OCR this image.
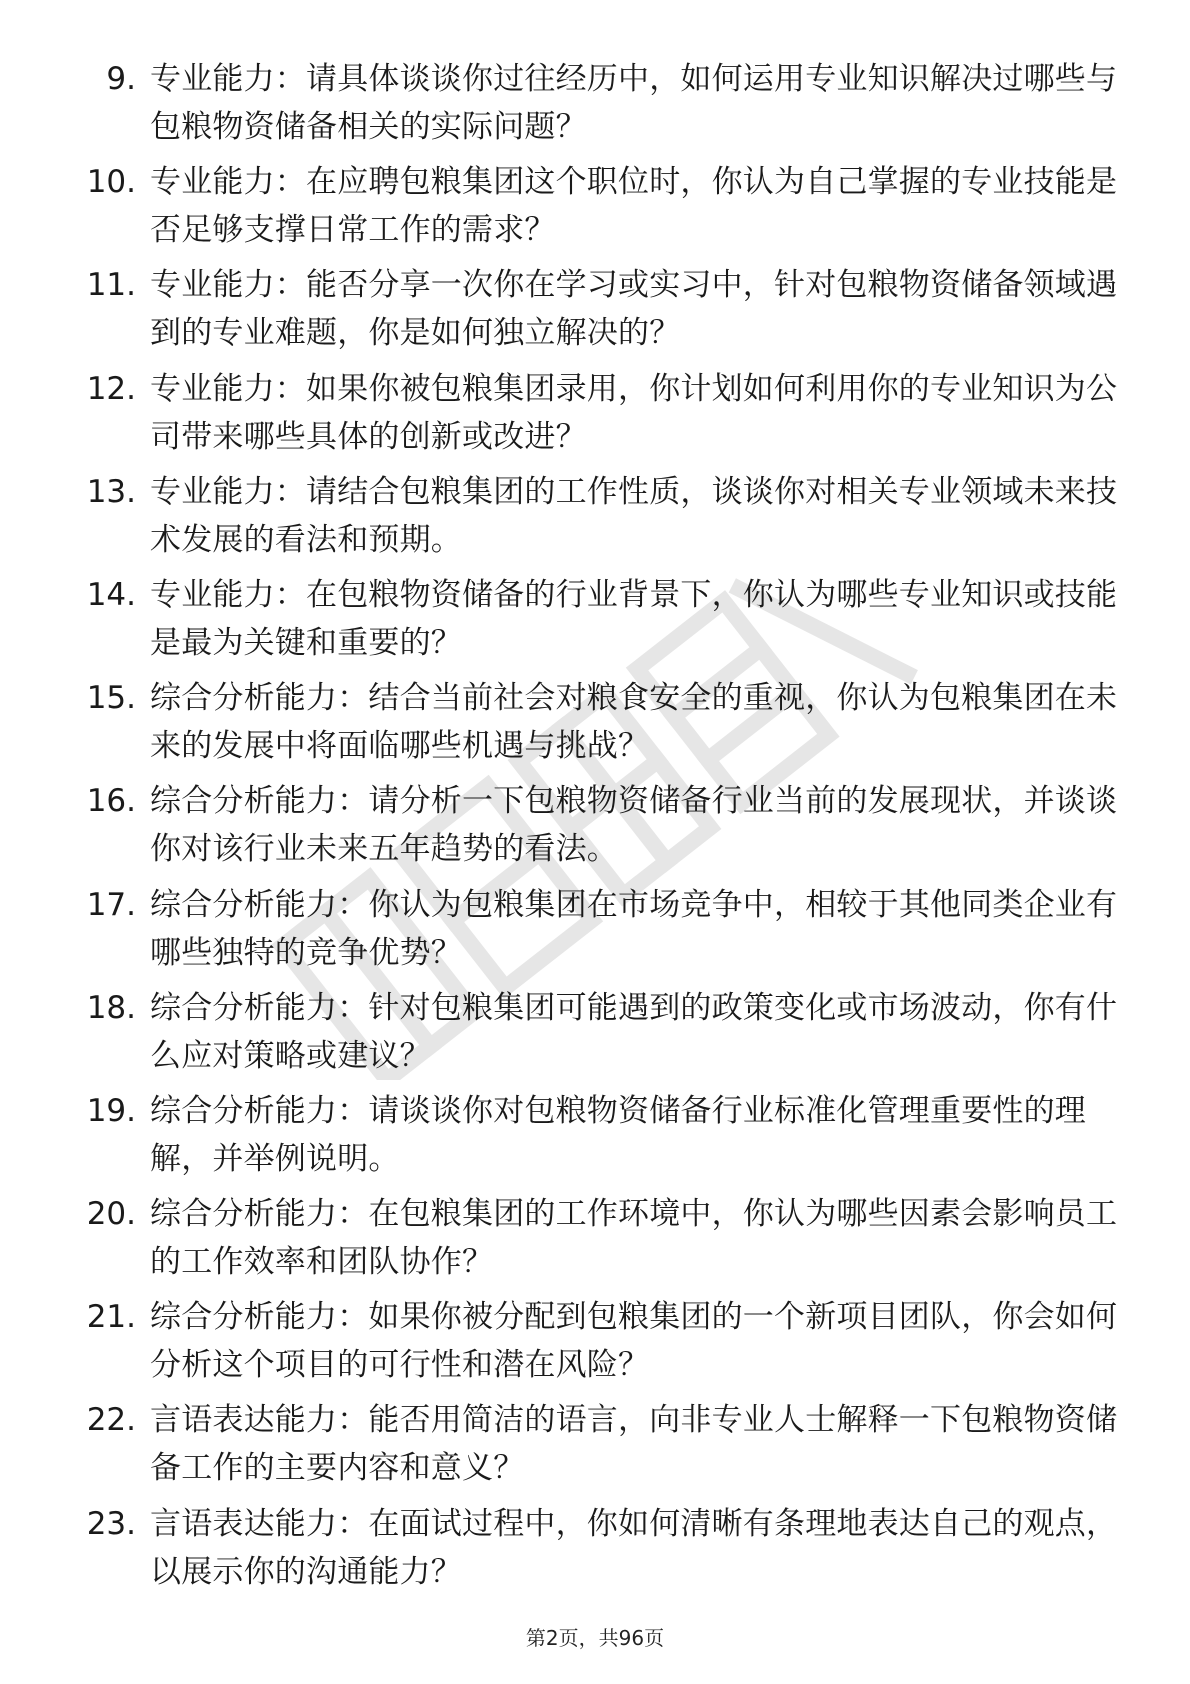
9. 专业能力：请具体谈谈你过往经历中，如何运用专业知识解决过哪些与包粮物资储备相关的实际问题？
10. 专业能力：在应聘包粮集团这个职位时，你认为自己掌握的专业技能是否足够支撑日常工作的需求？
11. 专业能力：能否分享一次你在学习或实习中，针对包粮物资储备领域遇到的专业难题，你是如何独立解决的？
12. 专业能力：如果你被包粮集团录用，你计划如何利用你的专业知识为公司带来哪些具体的创新或改进？
13. 专业能力：请结合包粮集团的工作性质，谈谈你对相关专业领域未来技术发展的看法和预期。
14. 专业能力：在包粮物资储备的行业背景下，你认为哪些专业知识或技能是最为关键和重要的？
15. 综合分析能力：结合当前社会对粮食安全的重视，你认为包粮集团在未来的发展中将面临哪些机遇与挑战？
16. 综合分析能力：请分析一下包粮物资储备行业当前的发展现状，并谈谈你对该行业未来五年趋势的看法。
17. 综合分析能力：你认为包粮集团在市场竞争中，相较于其他同类企业有哪些独特的竞争优势？
18. 综合分析能力：针对包粮集团可能遇到的政策变化或市场波动，你有什么应对策略或建议？
19. 综合分析能力：请谈谈你对包粮物资储备行业标准化管理重要性的理解，并举例说明。
20. 综合分析能力：在包粮集团的工作环境中，你认为哪些因素会影响员工的工作效率和团队协作？
21. 综合分析能力：如果你被分配到包粮集团的一个新项目团队，你会如何分析这个项目的可行性和潜在风险？
22. 言语表达能力：能否用简洁的语言，向非专业人士解释一下包粮物资储备工作的主要内容和意义？
23. 言语表达能力：在面试过程中，你如何清晰有条理地表达自己的观点，以展示你的沟通能力？
第2页，共96页
